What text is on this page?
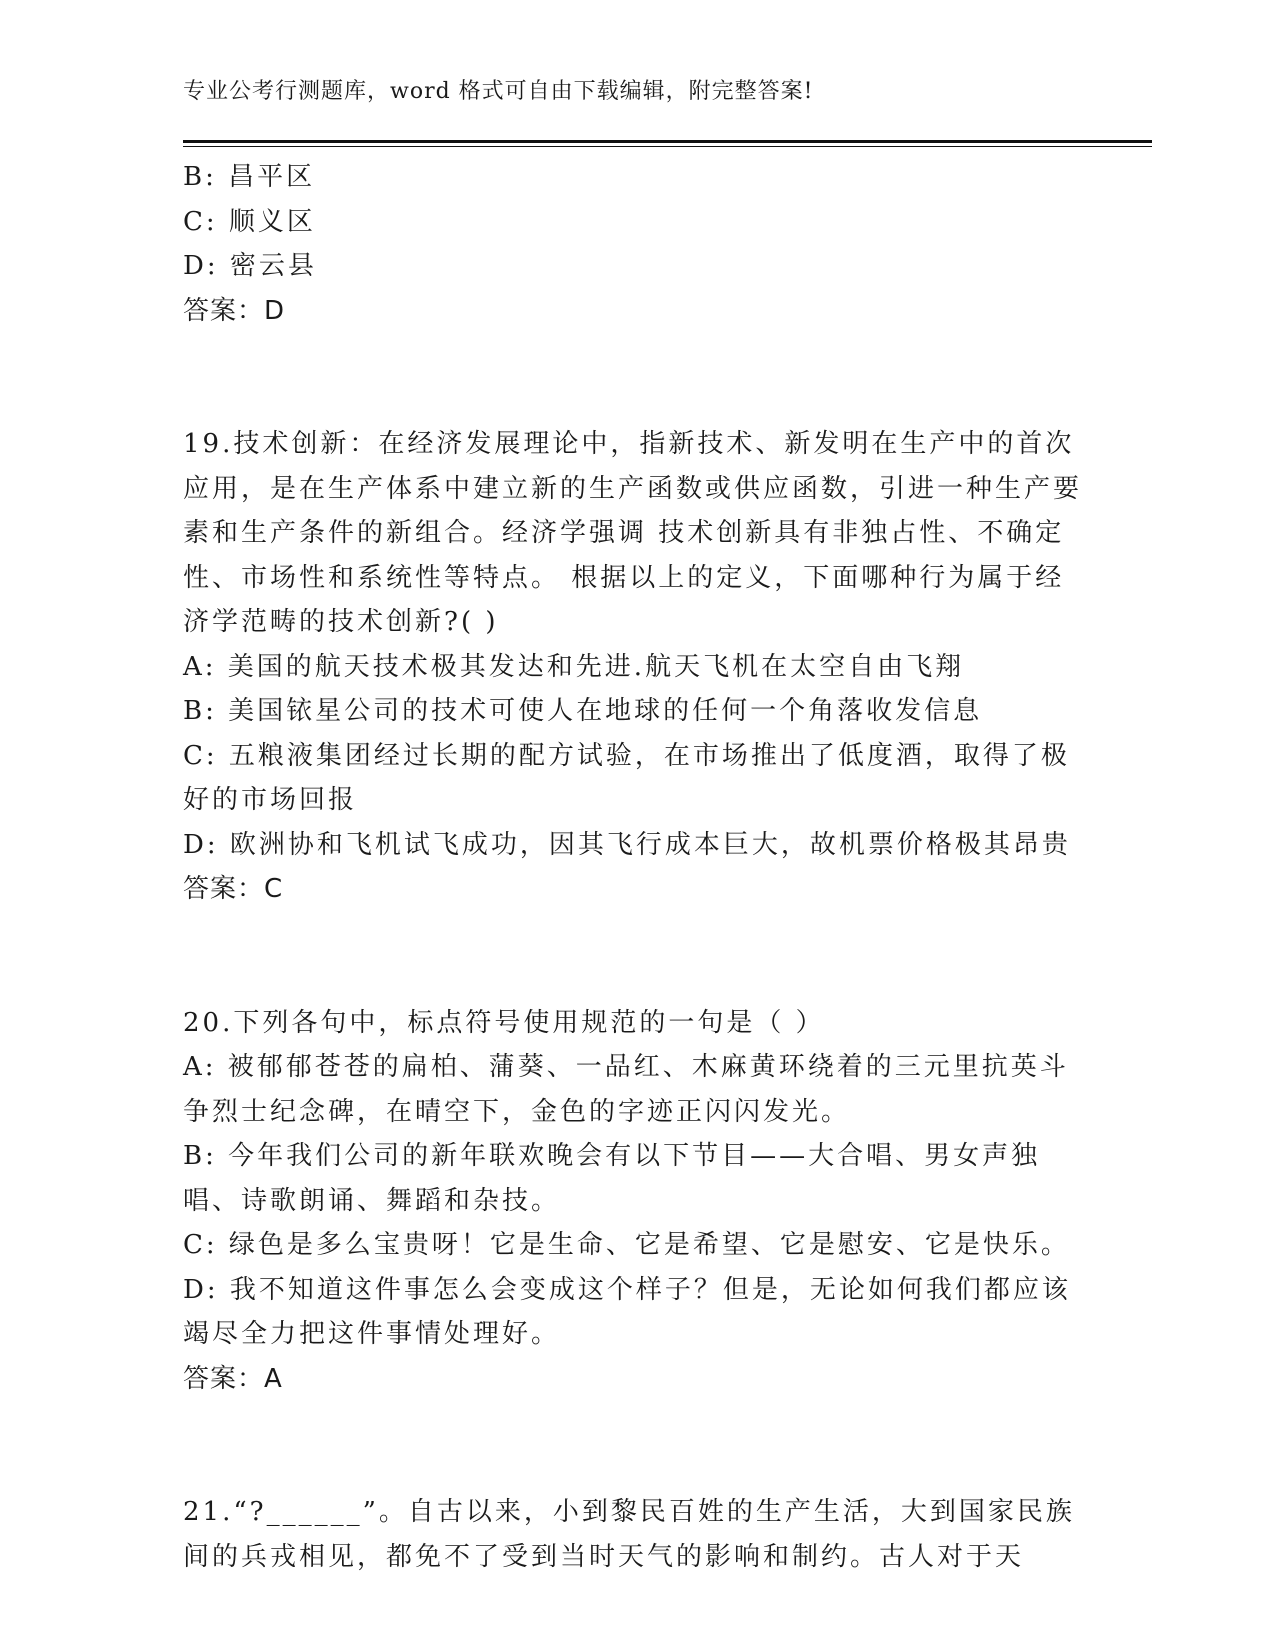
专业公考行测题库，word 格式可自由下载编辑，附完整答案!

B: 昌平区

C: 顺义区

D: 密云县

答案：D

19.技术创新：在经济发展理论中，指新技术、新发明在生产中的首次应用，是在生产体系中建立新的生产函数或供应函数，引进一种生产要素和生产条件的新组合。经济学强调 技术创新具有非独占性、不确定性、市场性和系统性等特点。 根据以上的定义，下面哪种行为属于经济学范畴的技术创新?( )

A: 美国的航天技术极其发达和先进.航天飞机在太空自由飞翔

B: 美国铱星公司的技术可使人在地球的任何一个角落收发信息

C: 五粮液集团经过长期的配方试验，在市场推出了低度酒，取得了极好的市场回报

D: 欧洲协和飞机试飞成功，因其飞行成本巨大，故机票价格极其昂贵

答案：C

20.下列各句中，标点符号使用规范的一句是（ ）

A: 被郁郁苍苍的扁柏、蒲葵、一品红、木麻黄环绕着的三元里抗英斗争烈士纪念碑，在晴空下，金色的字迹正闪闪发光。

B: 今年我们公司的新年联欢晚会有以下节目——大合唱、男女声独唱、诗歌朗诵、舞蹈和杂技。

C: 绿色是多么宝贵呀！它是生命、它是希望、它是慰安、它是快乐。

D: 我不知道这件事怎么会变成这个样子？但是，无论如何我们都应该竭尽全力把这件事情处理好。

答案：A

21.“?______”。自古以来，小到黎民百姓的生产生活，大到国家民族间的兵戎相见，都免不了受到当时天气的影响和制约。古人对于天
